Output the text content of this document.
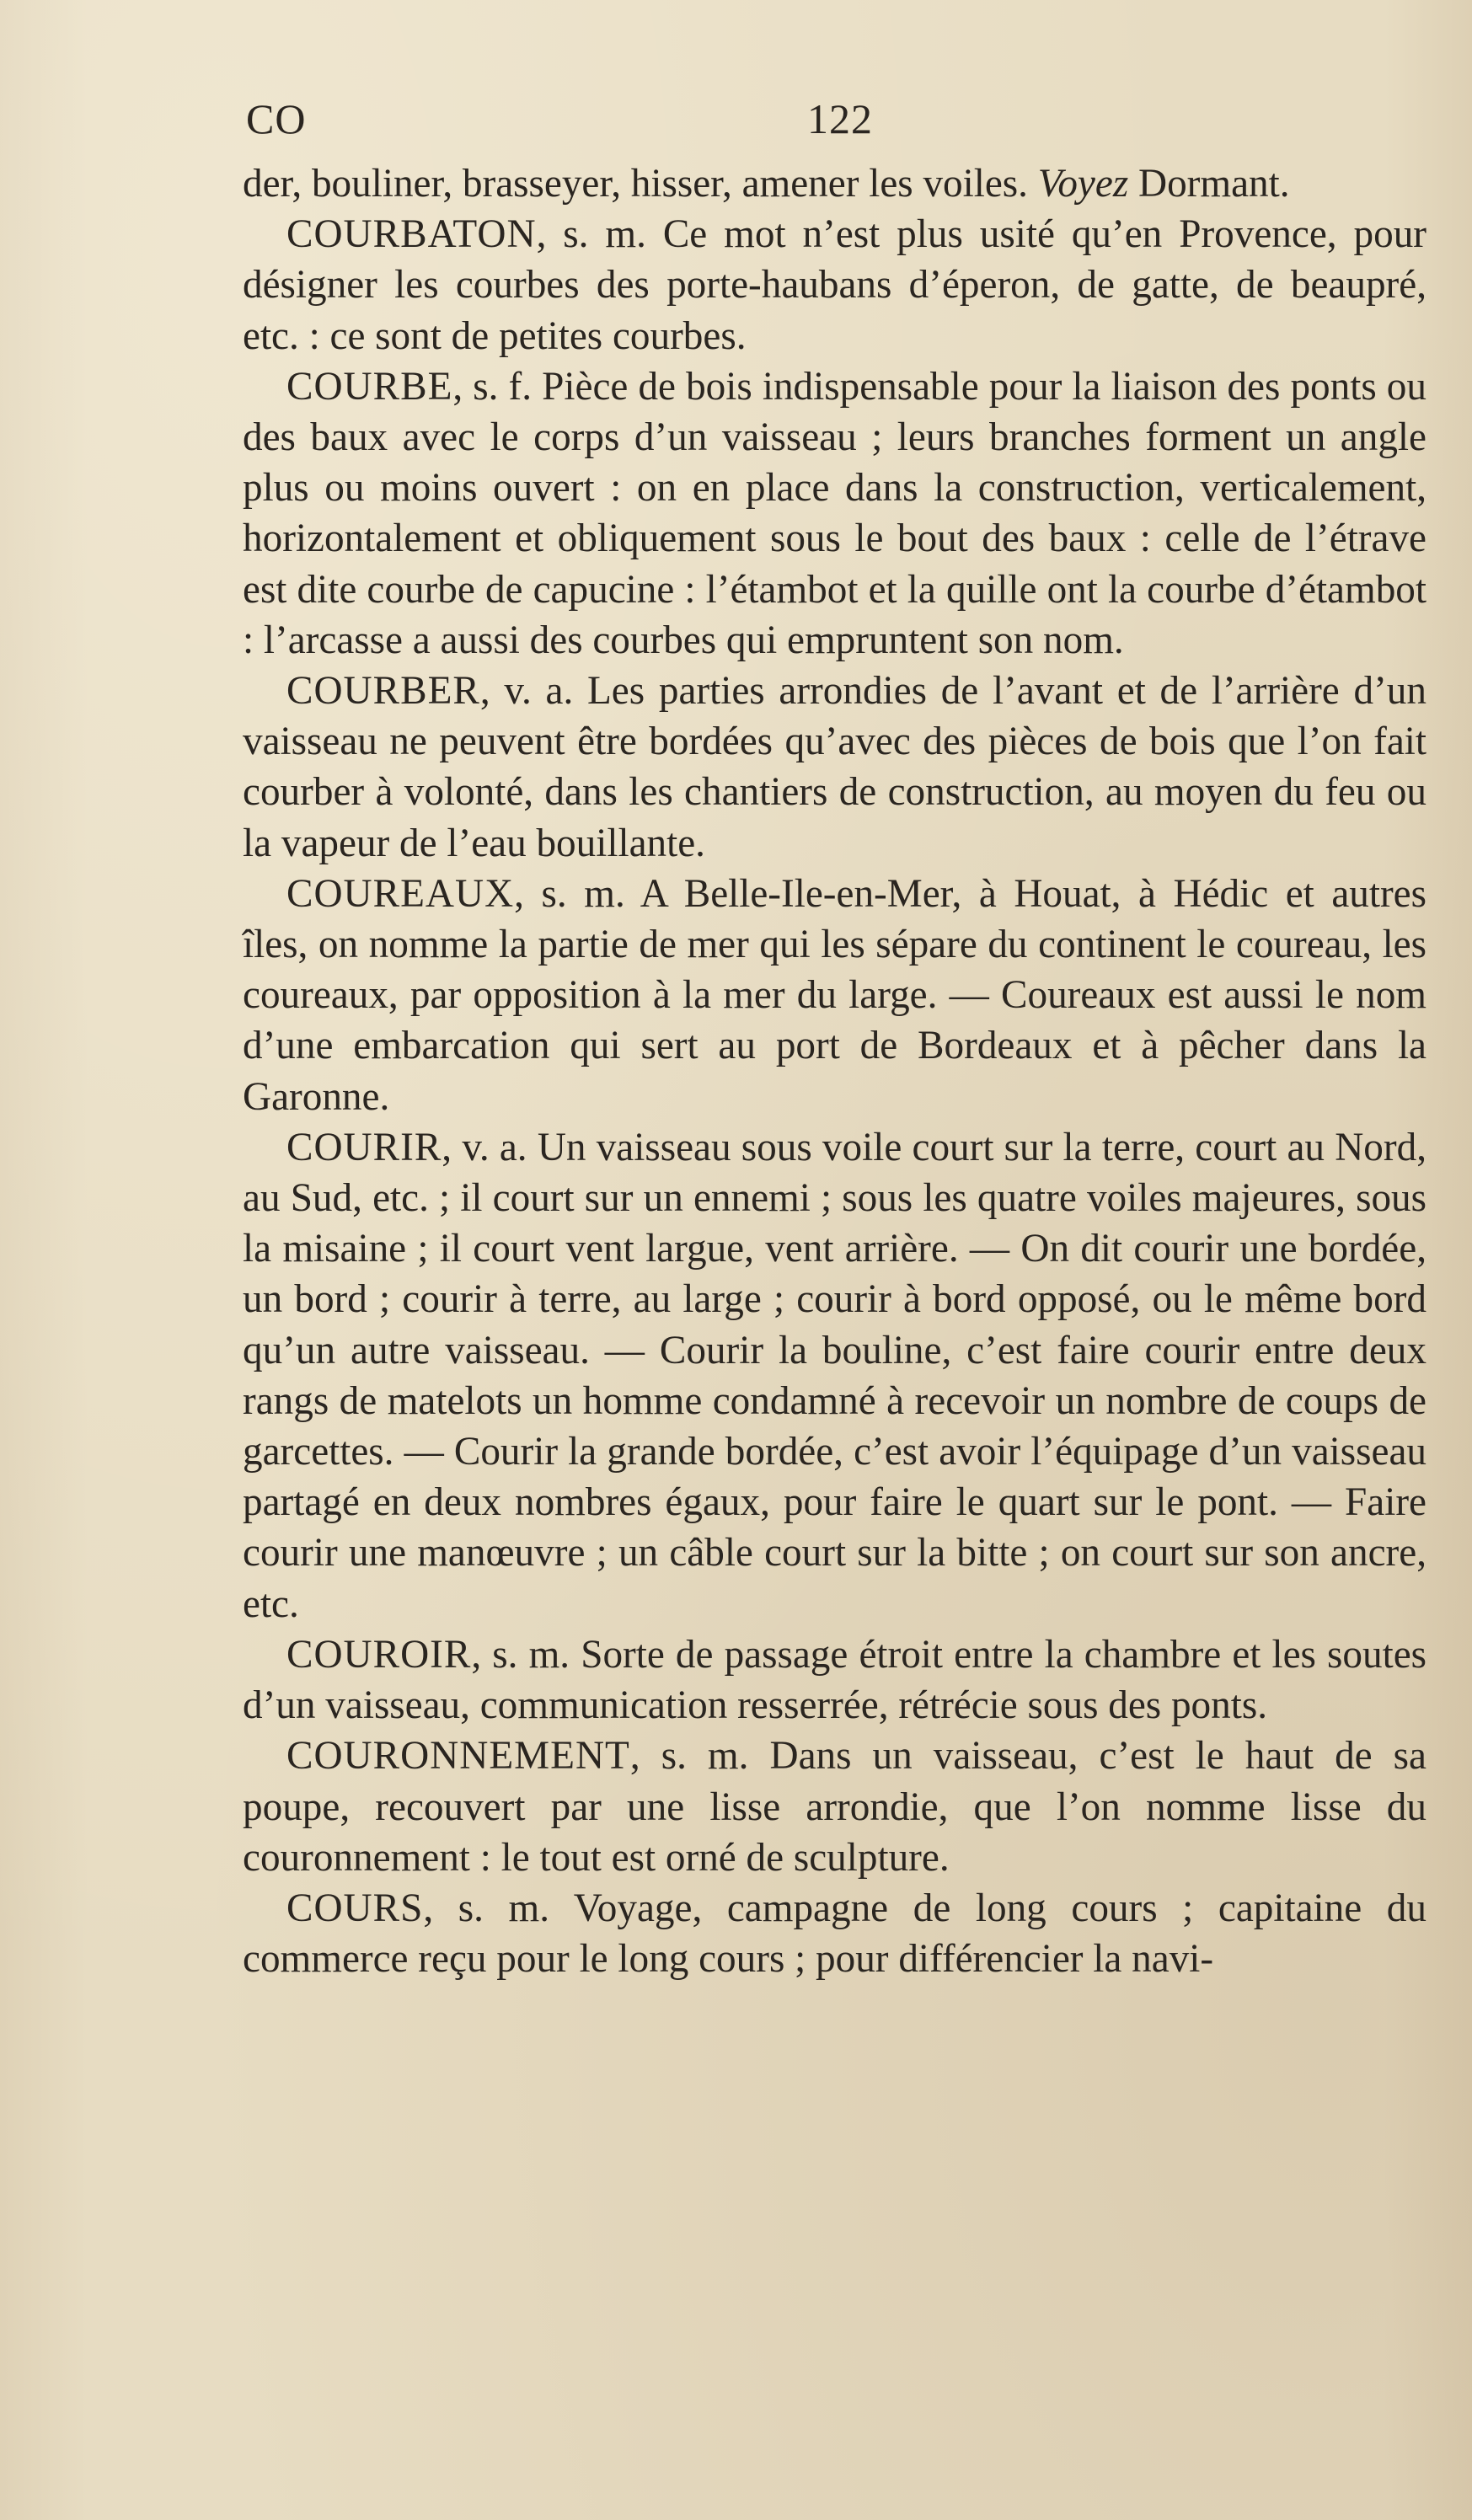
CO	122

der, bouliner, brasseyer, hisser, amener les voiles. Voyez Dormant.

COURBATON, s. m. Ce mot n’est plus usité qu’en Provence, pour désigner les courbes des porte-haubans d’éperon, de gatte, de beaupré, etc. : ce sont de petites courbes.

COURBE, s. f. Pièce de bois indispensable pour la liaison des ponts ou des baux avec le corps d’un vaisseau ; leurs branches forment un angle plus ou moins ouvert : on en place dans la construction, verticalement, horizontalement et obliquement sous le bout des baux : celle de l’étrave est dite courbe de capucine : l’étambot et la quille ont la courbe d’étambot : l’arcasse a aussi des courbes qui empruntent son nom.

COURBER, v. a. Les parties arrondies de l’avant et de l’arrière d’un vaisseau ne peuvent être bordées qu’avec des pièces de bois que l’on fait courber à volonté, dans les chantiers de construction, au moyen du feu ou la vapeur de l’eau bouillante.

COUREAUX, s. m. A Belle-Ile-en-Mer, à Houat, à Hédic et autres îles, on nomme la partie de mer qui les sépare du continent le coureau, les coureaux, par opposition à la mer du large. — Coureaux est aussi le nom d’une embarcation qui sert au port de Bordeaux et à pêcher dans la Garonne.

COURIR, v. a. Un vaisseau sous voile court sur la terre, court au Nord, au Sud, etc. ; il court sur un ennemi ; sous les quatre voiles majeures, sous la misaine ; il court vent largue, vent arrière. — On dit courir une bordée, un bord ; courir à terre, au large ; courir à bord opposé, ou le même bord qu’un autre vaisseau. — Courir la bouline, c’est faire courir entre deux rangs de matelots un homme condamné à recevoir un nombre de coups de garcettes. — Courir la grande bordée, c’est avoir l’équipage d’un vaisseau partagé en deux nombres égaux, pour faire le quart sur le pont. — Faire courir une manœuvre ; un câble court sur la bitte ; on court sur son ancre, etc.

COUROIR, s. m. Sorte de passage étroit entre la chambre et les soutes d’un vaisseau, communication resserrée, rétrécie sous des ponts.

COURONNEMENT, s. m. Dans un vaisseau, c’est le haut de sa poupe, recouvert par une lisse arrondie, que l’on nomme lisse du couronnement : le tout est orné de sculpture.

COURS, s. m. Voyage, campagne de long cours ; capitaine du commerce reçu pour le long cours ; pour différencier la navi-
